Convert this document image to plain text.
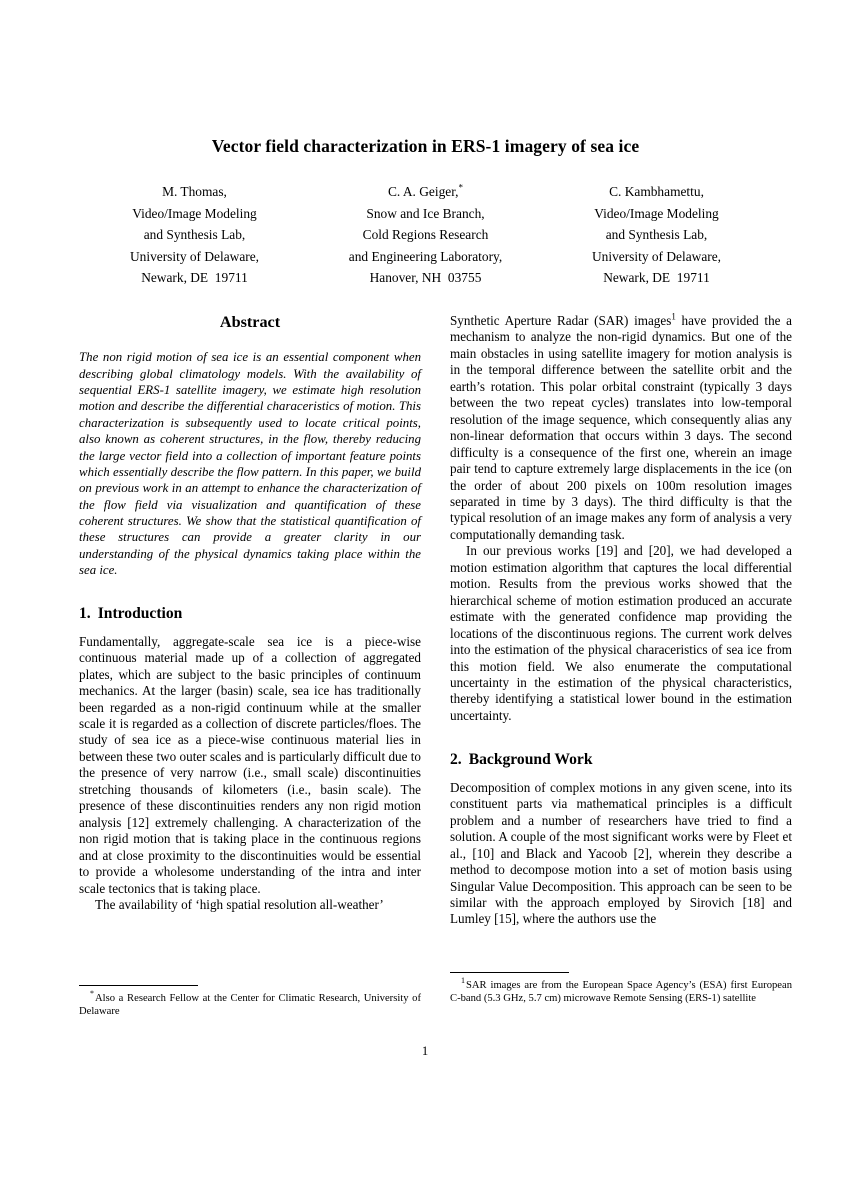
Vector field characterization in ERS-1 imagery of sea ice
M. Thomas,
Video/Image Modeling
and Synthesis Lab,
University of Delaware,
Newark, DE  19711
C. A. Geiger,*
Snow and Ice Branch,
Cold Regions Research
and Engineering Laboratory,
Hanover, NH  03755
C. Kambhamettu,
Video/Image Modeling
and Synthesis Lab,
University of Delaware,
Newark, DE  19711
Abstract

The non rigid motion of sea ice is an essential component when describing global climatology models. With the availability of sequential ERS-1 satellite imagery, we estimate high resolution motion and describe the differential characeristics of motion. This characterization is subsequently used to locate critical points, also known as coherent structures, in the flow, thereby reducing the large vector field into a collection of important feature points which essentially describe the flow pattern. In this paper, we build on previous work in an attempt to enhance the characterization of the flow field via visualization and quantification of these coherent structures. We show that the statistical quantification of these structures can provide a greater clarity in our understanding of the physical dynamics taking place within the sea ice.

1. Introduction

Fundamentally, aggregate-scale sea ice is a piece-wise continuous material made up of a collection of aggregated plates, which are subject to the basic principles of continuum mechanics. At the larger (basin) scale, sea ice has traditionally been regarded as a non-rigid continuum while at the smaller scale it is regarded as a collection of discrete particles/floes. The study of sea ice as a piece-wise continuous material lies in between these two outer scales and is particularly difficult due to the presence of very narrow (i.e., small scale) discontinuities stretching thousands of kilometers (i.e., basin scale). The presence of these discontinuities renders any non rigid motion analysis [12] extremely challenging. A characterization of the non rigid motion that is taking place in the continuous regions and at close proximity to the discontinuities would be essential to provide a wholesome understanding of the intra and inter scale tectonics that is taking place.

The availability of ‘high spatial resolution all-weather’

Synthetic Aperture Radar (SAR) images$^1$ have provided the a mechanism to analyze the non-rigid dynamics. But one of the main obstacles in using satellite imagery for motion analysis is in the temporal difference between the satellite orbit and the earth’s rotation. This polar orbital constraint (typically 3 days between the two repeat cycles) translates into low-temporal resolution of the image sequence, which consequently alias any non-linear deformation that occurs within 3 days. The second difficulty is a consequence of the first one, wherein an image pair tend to capture extremely large displacements in the ice (on the order of about 200 pixels on 100m resolution images separated in time by 3 days). The third difficulty is that the typical resolution of an image makes any form of analysis a very computationally demanding task.

In our previous works [19] and [20], we had developed a motion estimation algorithm that captures the local differential motion. Results from the previous works showed that the hierarchical scheme of motion estimation produced an accurate estimate with the generated confidence map providing the locations of the discontinuous regions. The current work delves into the estimation of the physical characeristics of sea ice from this motion field. We also enumerate the computational uncertainty in the estimation of the physical characteristics, thereby identifying a statistical lower bound in the estimation uncertainty.

2. Background Work

Decomposition of complex motions in any given scene, into its constituent parts via mathematical principles is a difficult problem and a number of researchers have tried to find a solution. A couple of the most significant works were by Fleet et al., [10] and Black and Yacoob [2], wherein they describe a method to decompose motion into a set of motion basis using Singular Value Decomposition. This approach can be seen to be similar with the approach employed by Sirovich [18] and Lumley [15], where the authors use the

*Also a Research Fellow at the Center for Climatic Research, University of Delaware

$^1$SAR images are from the European Space Agency’s (ESA) first European C-band (5.3 GHz, 5.7 cm) microwave Remote Sensing (ERS-1) satellite

1
